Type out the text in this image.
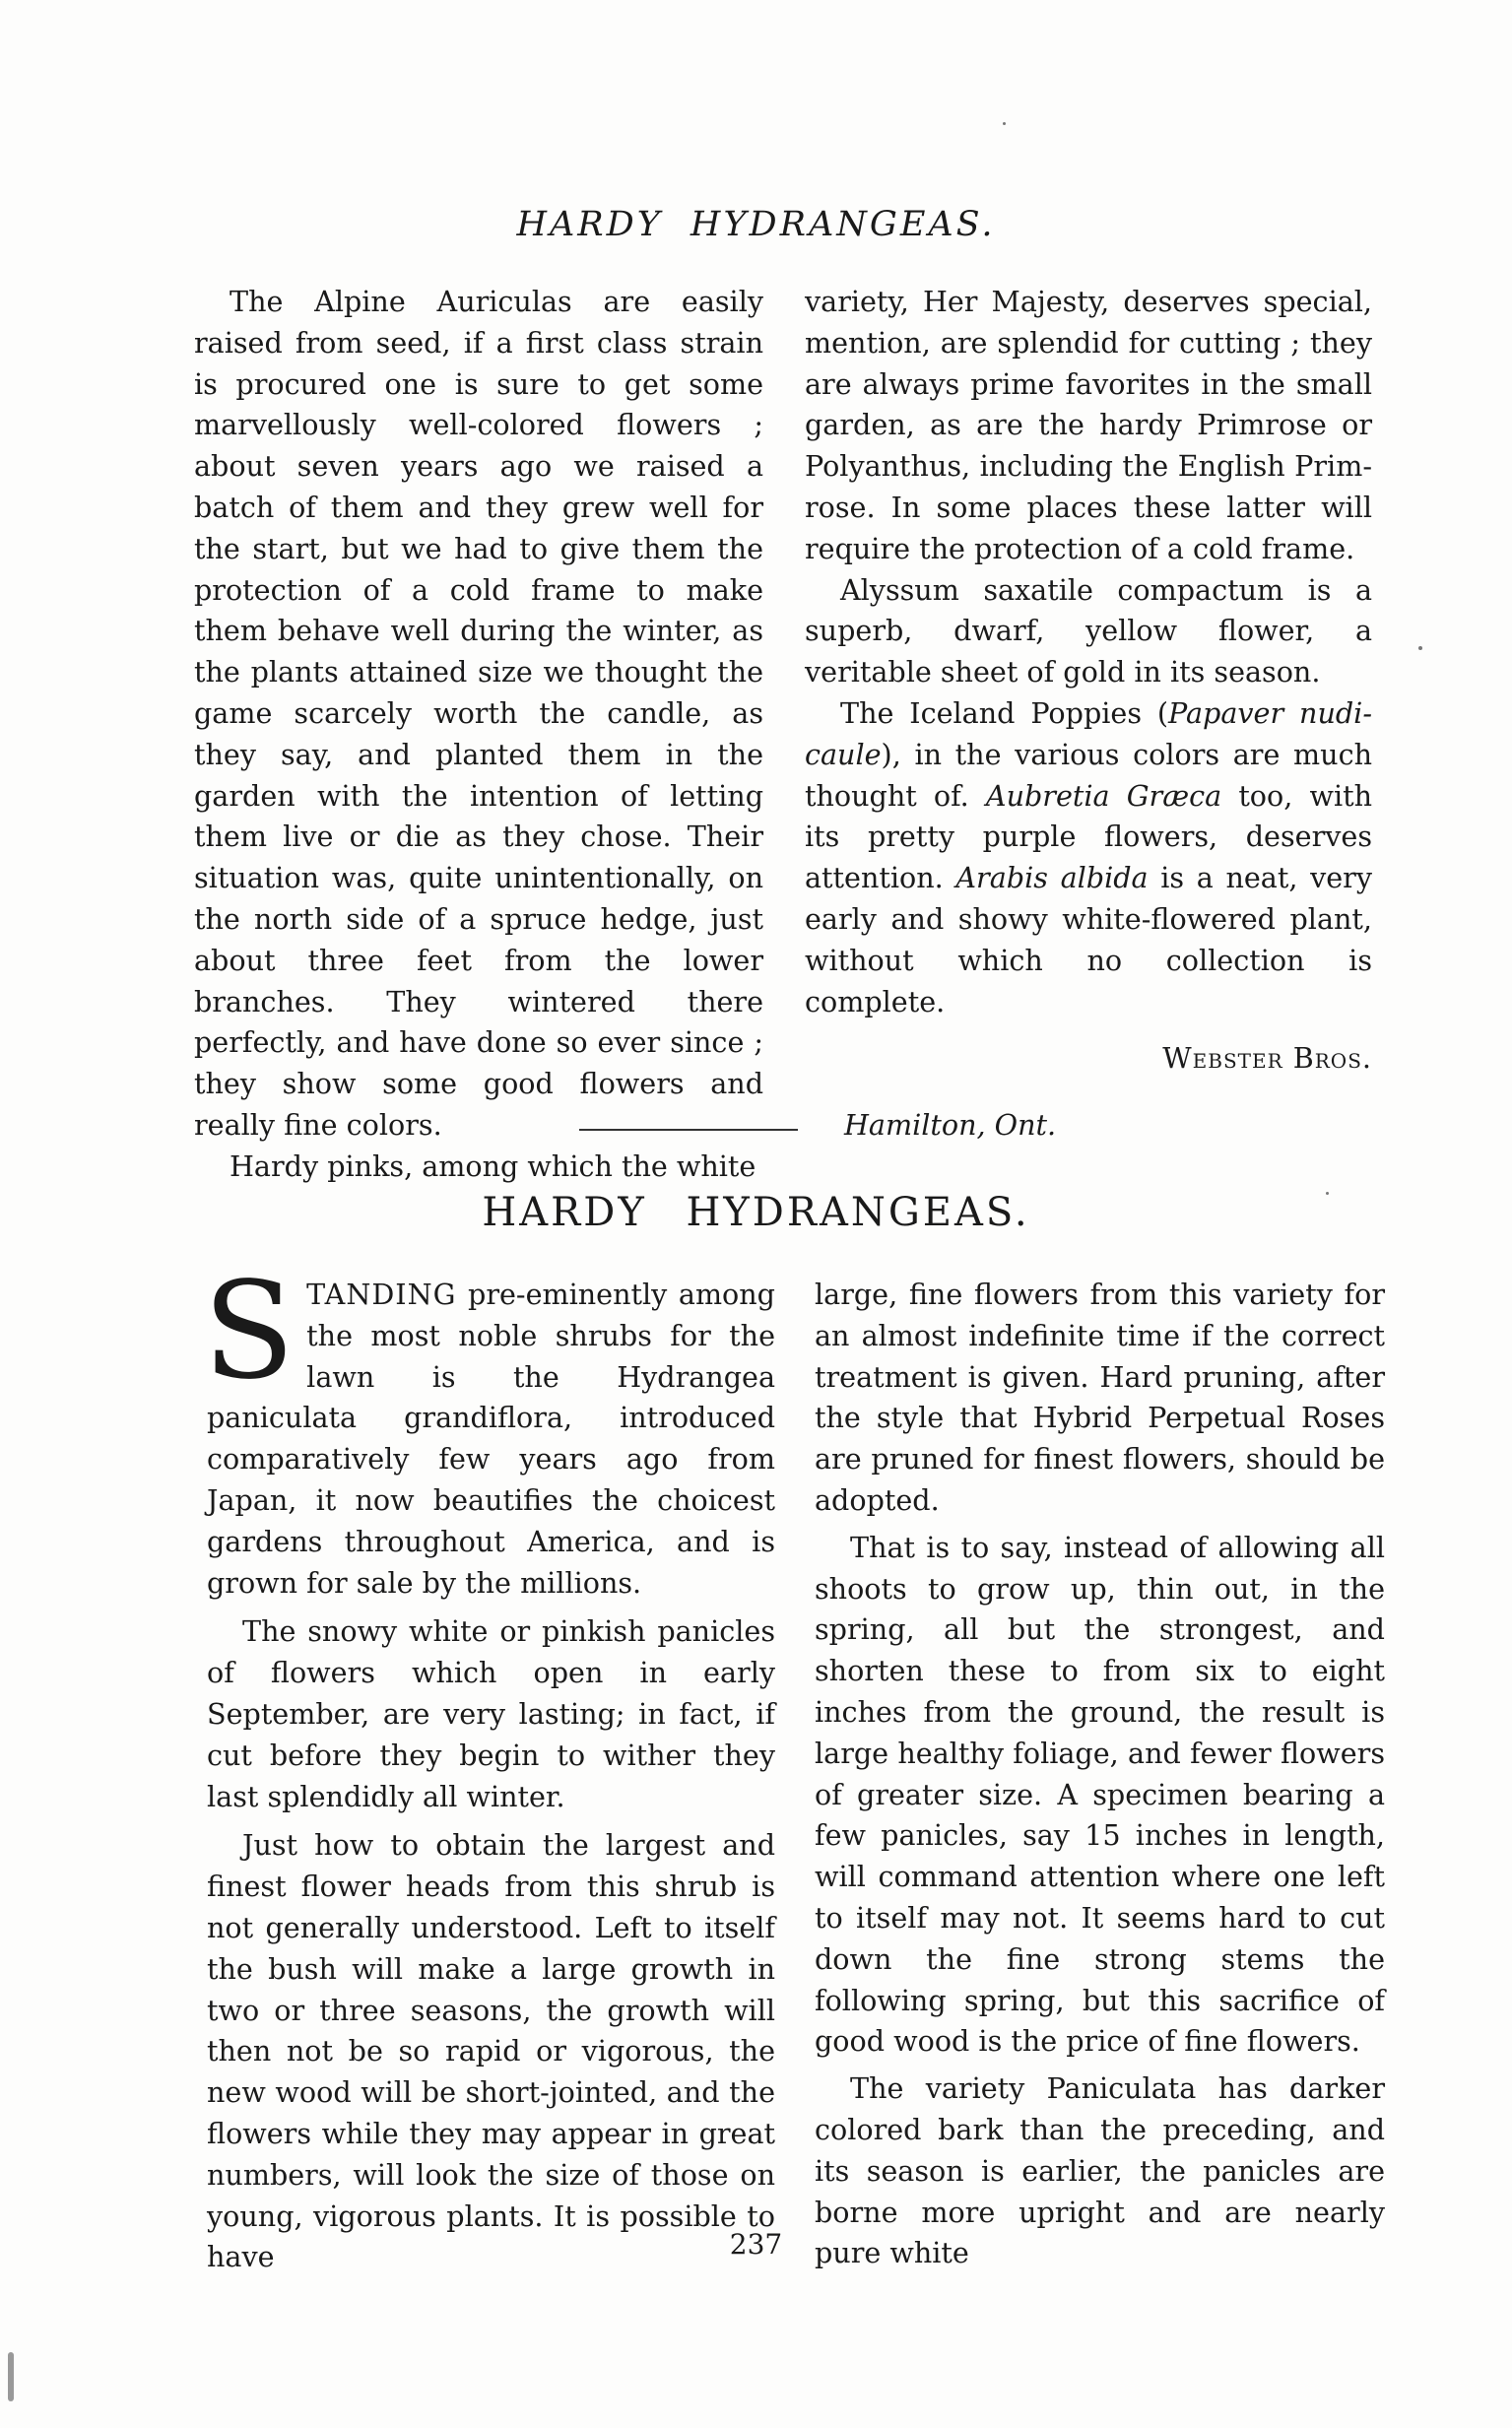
HARDY HYDRANGEAS.

The Alpine Auriculas are easily raised from seed, if a first class strain is procured one is sure to get some marvellously well-colored flowers ; about seven years ago we raised a batch of them and they grew well for the start, but we had to give them the protection of a cold frame to make them behave well during the winter, as the plants attained size we thought the game scarcely worth the candle, as they say, and planted them in the garden with the intention of letting them live or die as they chose. Their situation was, quite unintentionally, on the north side of a spruce hedge, just about three feet from the lower branches. They wintered there perfectly, and have done so ever since ; they show some good flowers and really fine colors.

Hardy pinks, among which the white

variety, Her Majesty, deserves special, mention, are splendid for cutting ; they are always prime favorites in the small garden, as are the hardy Primrose or Polyanthus, including the English Primrose. In some places these latter will require the protection of a cold frame.

Alyssum saxatile compactum is a superb, dwarf, yellow flower, a veritable sheet of gold in its season.

The Iceland Poppies (Papaver nudicaule), in the various colors are much thought of. Aubretia Græca too, with its pretty purple flowers, deserves attention. Arabis albida is a neat, very early and showy white-flowered plant, without which no collection is complete.

Webster Bros.

Hamilton, Ont.

HARDY HYDRANGEAS.

STANDING pre-eminently among the most noble shrubs for the lawn is the Hydrangea paniculata grandiflora, introduced comparatively few years ago from Japan, it now beautifies the choicest gardens throughout America, and is grown for sale by the millions.

The snowy white or pinkish panicles of flowers which open in early September, are very lasting; in fact, if cut before they begin to wither they last splendidly all winter.

Just how to obtain the largest and finest flower heads from this shrub is not generally understood. Left to itself the bush will make a large growth in two or three seasons, the growth will then not be so rapid or vigorous, the new wood will be short-jointed, and the flowers while they may appear in great numbers, will look the size of those on young, vigorous plants. It is possible to have

large, fine flowers from this variety for an almost indefinite time if the correct treatment is given. Hard pruning, after the style that Hybrid Perpetual Roses are pruned for finest flowers, should be adopted.

That is to say, instead of allowing all shoots to grow up, thin out, in the spring, all but the strongest, and shorten these to from six to eight inches from the ground, the result is large healthy foliage, and fewer flowers of greater size. A specimen bearing a few panicles, say 15 inches in length, will command attention where one left to itself may not. It seems hard to cut down the fine strong stems the following spring, but this sacrifice of good wood is the price of fine flowers.

The variety Paniculata has darker colored bark than the preceding, and its season is earlier, the panicles are borne more upright and are nearly pure white

237
